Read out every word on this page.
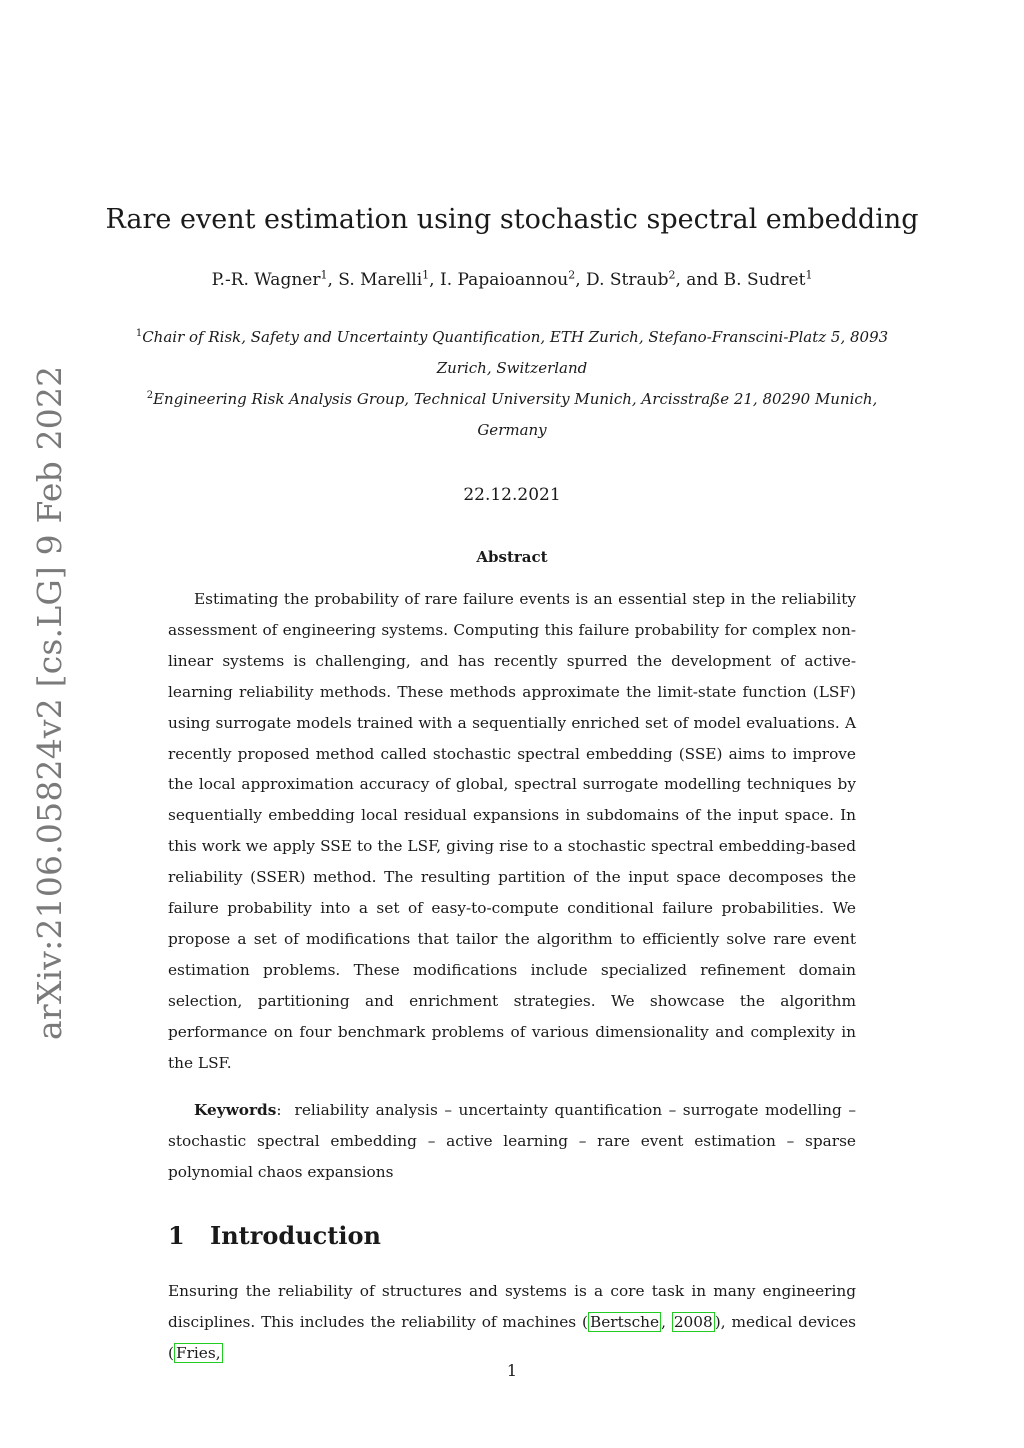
arXiv:2106.05824v2 [cs.LG] 9 Feb 2022
Rare event estimation using stochastic spectral embedding
P.-R. Wagner$^1$, S. Marelli$^1$, I. Papaioannou$^2$, D. Straub$^2$, and B. Sudret$^1$
$^1$Chair of Risk, Safety and Uncertainty Quantification, ETH Zurich, Stefano-Franscini-Platz 5, 8093 Zurich, Switzerland
$^2$Engineering Risk Analysis Group, Technical University Munich, Arcisstraße 21, 80290 Munich, Germany
22.12.2021
Abstract

Estimating the probability of rare failure events is an essential step in the reliability assessment of engineering systems. Computing this failure probability for complex non-linear systems is challenging, and has recently spurred the development of active-learning reliability methods. These methods approximate the limit-state function (LSF) using surrogate models trained with a sequentially enriched set of model evaluations. A recently proposed method called stochastic spectral embedding (SSE) aims to improve the local approximation accuracy of global, spectral surrogate modelling techniques by sequentially embedding local residual expansions in subdomains of the input space. In this work we apply SSE to the LSF, giving rise to a stochastic spectral embedding-based reliability (SSER) method. The resulting partition of the input space decomposes the failure probability into a set of easy-to-compute conditional failure probabilities. We propose a set of modifications that tailor the algorithm to efficiently solve rare event estimation problems. These modifications include specialized refinement domain selection, partitioning and enrichment strategies. We showcase the algorithm performance on four benchmark problems of various dimensionality and complexity in the LSF.

Keywords:  reliability analysis – uncertainty quantification – surrogate modelling – stochastic spectral embedding – active learning – rare event estimation – sparse polynomial chaos expansions

1 Introduction

Ensuring the reliability of structures and systems is a core task in many engineering disciplines. This includes the reliability of machines ( Bertsche , 2008 ), medical devices ( Fries,

1
